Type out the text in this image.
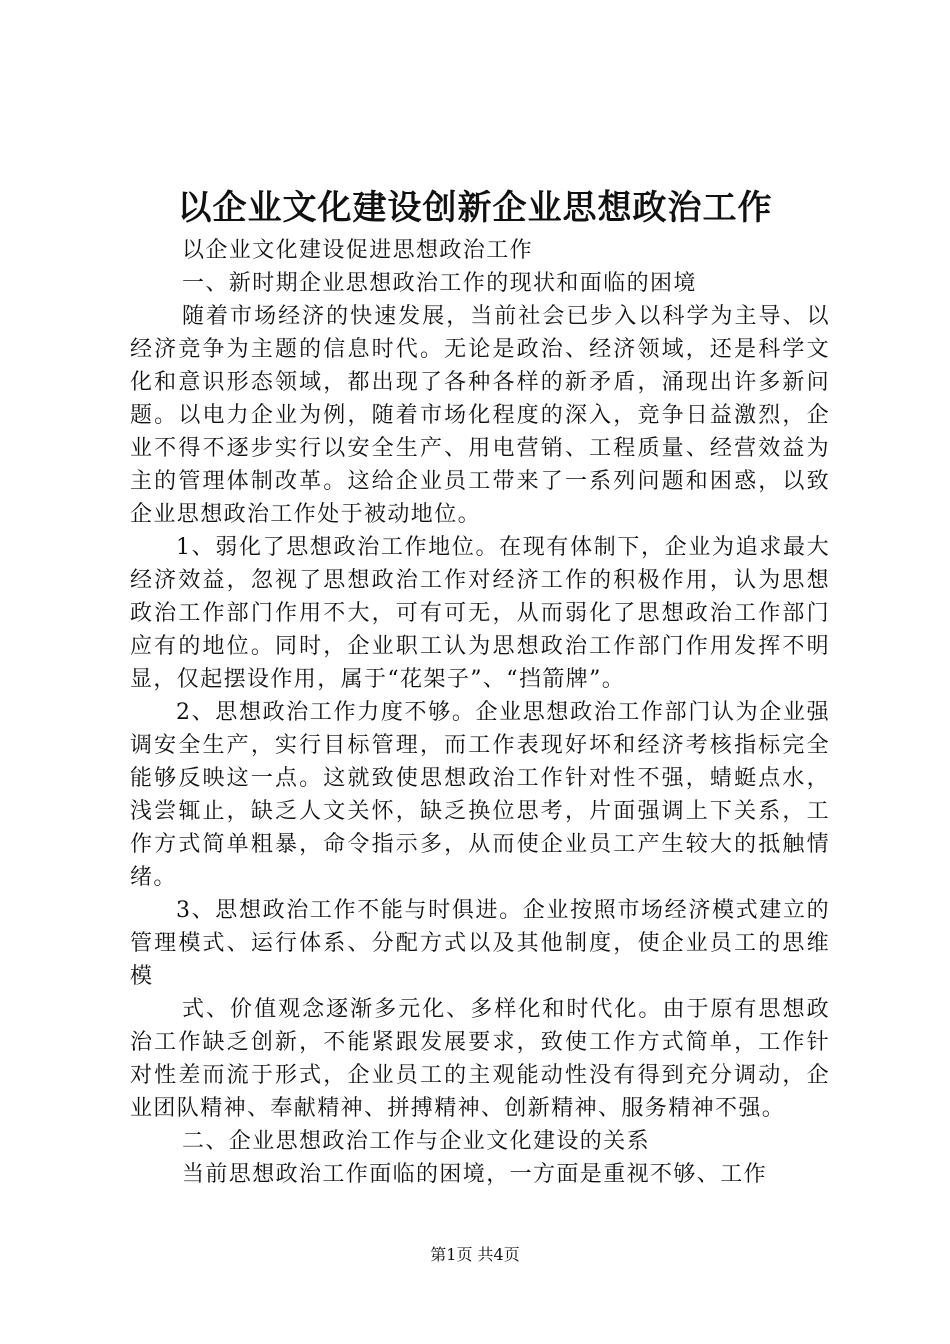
以企业文化建设创新企业思想政治工作

以企业文化建设促进思想政治工作

一、新时期企业思想政治工作的现状和面临的困境

随着市场经济的快速发展，当前社会已步入以科学为主导、以经济竞争为主题的信息时代。无论是政治、经济领域，还是科学文化和意识形态领域，都出现了各种各样的新矛盾，涌现出许多新问题。以电力企业为例，随着市场化程度的深入，竞争日益激烈，企业不得不逐步实行以安全生产、用电营销、工程质量、经营效益为主的管理体制改革。这给企业员工带来了一系列问题和困惑，以致企业思想政治工作处于被动地位。

1、弱化了思想政治工作地位。在现有体制下，企业为追求最大经济效益，忽视了思想政治工作对经济工作的积极作用，认为思想政治工作部门作用不大，可有可无，从而弱化了思想政治工作部门应有的地位。同时，企业职工认为思想政治工作部门作用发挥不明显，仅起摆设作用，属于“花架子”、“挡箭牌”。

2、思想政治工作力度不够。企业思想政治工作部门认为企业强调安全生产，实行目标管理，而工作表现好坏和经济考核指标完全能够反映这一点。这就致使思想政治工作针对性不强，蜻蜓点水，浅尝辄止，缺乏人文关怀，缺乏换位思考，片面强调上下关系，工作方式简单粗暴，命令指示多，从而使企业员工产生较大的抵触情绪。

3、思想政治工作不能与时俱进。企业按照市场经济模式建立的管理模式、运行体系、分配方式以及其他制度，使企业员工的思维模

式、价值观念逐渐多元化、多样化和时代化。由于原有思想政治工作缺乏创新，不能紧跟发展要求，致使工作方式简单，工作针对性差而流于形式，企业员工的主观能动性没有得到充分调动，企业团队精神、奉献精神、拼搏精神、创新精神、服务精神不强。

二、企业思想政治工作与企业文化建设的关系

当前思想政治工作面临的困境，一方面是重视不够、工作

第1页 共4页
